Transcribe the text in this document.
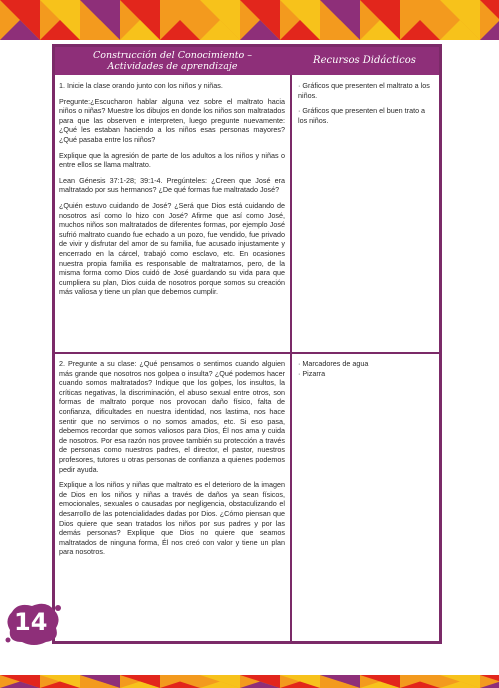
Construcción del Conocimiento –
Actividades de aprendizaje
Recursos Didácticos

1. Inicie la clase orando junto con los niños y niñas.

Pregunte:¿Escucharon hablar alguna vez sobre el maltrato hacia niños o niñas? Muestre los dibujos en donde los niños son maltratados para que las observen e interpreten, luego pregunte nuevamente:¿Qué les estaban haciendo a los niños esas personas mayores? ¿Qué pasaba entre los niños?

Explique que la agresión de parte de los adultos a los niños y niñas o entre ellos se llama maltrato.

Lean Génesis 37:1-28; 39:1-4. Pregúnteles: ¿Creen que José era maltratado por sus hermanos? ¿De qué formas fue maltratado José?

¿Quién estuvo cuidando de José? ¿Será que Dios está cuidando de nosotros así como lo hizo con José? Afirme que así como José, muchos niños son maltratados de diferentes formas, por ejemplo José sufrió maltrato cuando fue echado a un pozo, fue vendido, fue privado de vivir y disfrutar del amor de su familia, fue acusado injustamente y encerrado en la cárcel, trabajó como esclavo, etc. En ocasiones nuestra propia familia es responsable de maltratarnos, pero, de la misma forma como Dios cuidó de José guardando su vida para que cumpliera su plan, Dios cuida de nosotros porque somos su creación más valiosa y tiene un plan que debemos cumplir.

· Gráficos que presenten el maltrato a los niños.

· Gráficos que presenten el buen trato a los niños.

2. Pregunte a su clase: ¿Qué pensamos o sentimos cuando alguien más grande que nosotros nos golpea o insulta? ¿Qué podemos hacer cuando somos maltratados? Indique que los golpes, los insultos, la críticas negativas, la discriminación, el abuso sexual entre otros, son formas de maltrato porque nos provocan daño físico, falta de confianza, dificultades en nuestra identidad, nos lastima, nos hace sentir que no servimos o no somos amados, etc. Si eso pasa, debemos recordar que somos valiosos para Dios, Él nos ama y cuida de nosotros. Por esa razón nos provee también su protección a través de personas como nuestros padres, el director, el pastor, nuestros profesores, tutores u otras personas de confianza a quienes podemos pedir ayuda.

Explique a los niños y niñas que maltrato es el deterioro de la imagen de Dios en los niños y niñas a través de daños ya sean físicos, emocionales, sexuales o causadas por negligencia, obstaculizando el desarrollo de las potencialidades dadas por Dios. ¿Cómo piensan que Dios quiere que sean tratados los niños por sus padres y por las demás personas? Explique que Dios no quiere que seamos maltratados de ninguna forma, Él nos creó con valor y tiene un plan para nosotros.

· Marcadores de agua

· Pizarra

14
